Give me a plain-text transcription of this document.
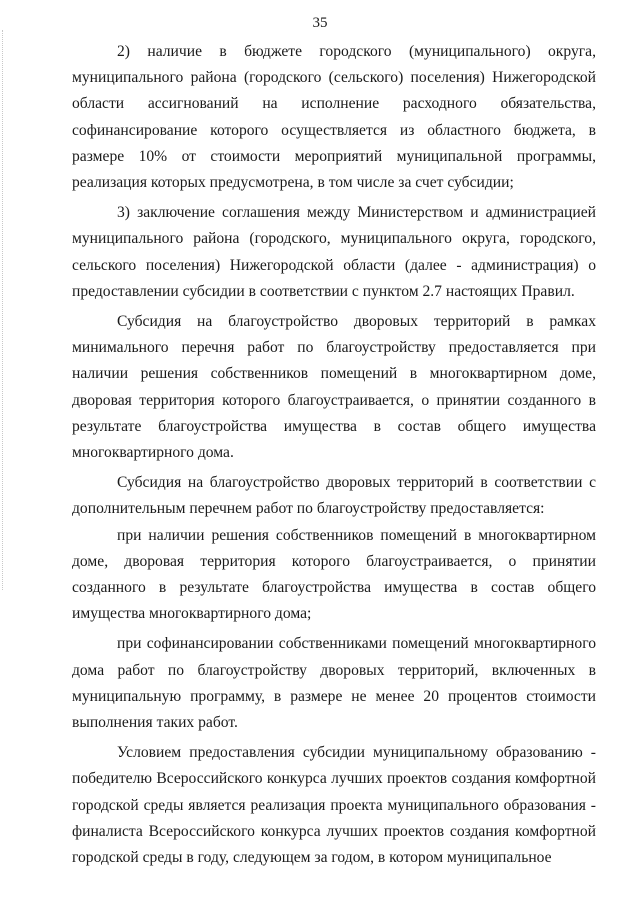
35

2) наличие в бюджете городского (муниципального) округа, муниципального района (городского (сельского) поселения) Нижегородской области ассигнований на исполнение расходного обязательства, софинансирование которого осуществляется из областного бюджета, в размере 10% от стоимости мероприятий муниципальной программы, реализация которых предусмотрена, в том числе за счет субсидии;

3) заключение соглашения между Министерством и администрацией муниципального района (городского, муниципального округа, городского, сельского поселения) Нижегородской области (далее - администрация) о предоставлении субсидии в соответствии с пунктом 2.7 настоящих Правил.

Субсидия на благоустройство дворовых территорий в рамках минимального перечня работ по благоустройству предоставляется при наличии решения собственников помещений в многоквартирном доме, дворовая территория которого благоустраивается, о принятии созданного в результате благоустройства имущества в состав общего имущества многоквартирного дома.

Субсидия на благоустройство дворовых территорий в соответствии с дополнительным перечнем работ по благоустройству предоставляется:

при наличии решения собственников помещений в многоквартирном доме, дворовая территория которого благоустраивается, о принятии созданного в результате благоустройства имущества в состав общего имущества многоквартирного дома;

при софинансировании собственниками помещений многоквартирного дома работ по благоустройству дворовых территорий, включенных в муниципальную программу, в размере не менее 20 процентов стоимости выполнения таких работ.

Условием предоставления субсидии муниципальному образованию - победителю Всероссийского конкурса лучших проектов создания комфортной городской среды является реализация проекта муниципального образования - финалиста Всероссийского конкурса лучших проектов создания комфортной городской среды в году, следующем за годом, в котором муниципальное
